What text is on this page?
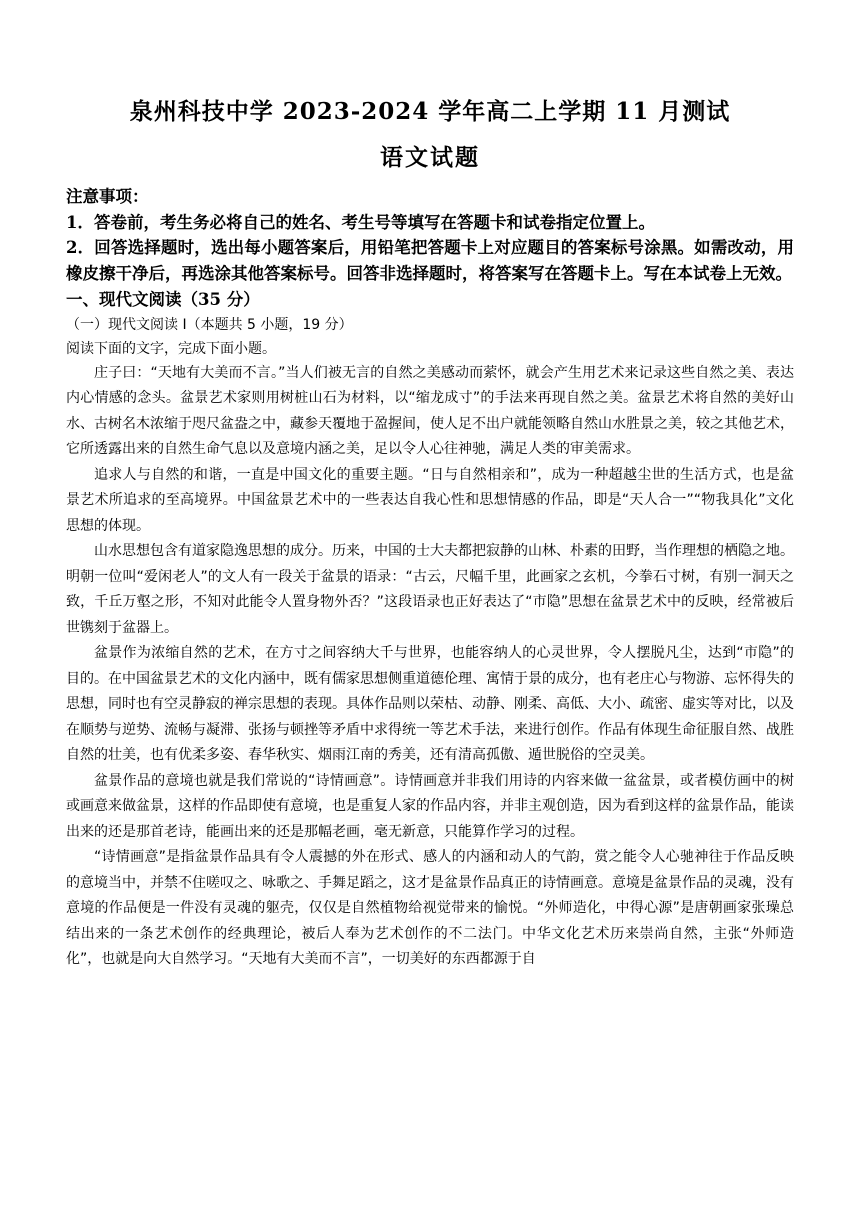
泉州科技中学 2023-2024 学年高二上学期 11 月测试
语文试题

注意事项：

1．答卷前，考生务必将自己的姓名、考生号等填写在答题卡和试卷指定位置上。

2．回答选择题时，选出每小题答案后，用铅笔把答题卡上对应题目的答案标号涂黑。如需改动，用橡皮擦干净后，再选涂其他答案标号。回答非选择题时，将答案写在答题卡上。写在本试卷上无效。

一、现代文阅读（35 分）

（一）现代文阅读 I（本题共 5 小题，19 分）

阅读下面的文字，完成下面小题。

庄子曰：“天地有大美而不言。”当人们被无言的自然之美感动而萦怀，就会产生用艺术来记录这些自然之美、表达内心情感的念头。盆景艺术家则用树桩山石为材料，以“缩龙成寸”的手法来再现自然之美。盆景艺术将自然的美好山水、古树名木浓缩于咫尺盆盎之中，藏参天覆地于盈握间，使人足不出户就能领略自然山水胜景之美，较之其他艺术，它所透露出来的自然生命气息以及意境内涵之美，足以令人心往神驰，满足人类的审美需求。

追求人与自然的和谐，一直是中国文化的重要主题。“日与自然相亲和”，成为一种超越尘世的生活方式，也是盆景艺术所追求的至高境界。中国盆景艺术中的一些表达自我心性和思想情感的作品，即是“天人合一”“物我具化”文化思想的体现。

山水思想包含有道家隐逸思想的成分。历来，中国的士大夫都把寂静的山林、朴素的田野，当作理想的栖隐之地。明朝一位叫“爱闲老人”的文人有一段关于盆景的语录：“古云，尺幅千里，此画家之玄机，今拳石寸树，有别一洞天之致，千丘万壑之形，不知对此能令人置身物外否？”这段语录也正好表达了“市隐”思想在盆景艺术中的反映，经常被后世镌刻于盆器上。

盆景作为浓缩自然的艺术，在方寸之间容纳大千与世界，也能容纳人的心灵世界，令人摆脱凡尘，达到“市隐”的目的。在中国盆景艺术的文化内涵中，既有儒家思想侧重道德伦理、寓情于景的成分，也有老庄心与物游、忘怀得失的思想，同时也有空灵静寂的禅宗思想的表现。具体作品则以荣枯、动静、刚柔、高低、大小、疏密、虚实等对比，以及在顺势与逆势、流畅与凝滞、张扬与顿挫等矛盾中求得统一等艺术手法，来进行创作。作品有体现生命征服自然、战胜自然的壮美，也有优柔多姿、春华秋实、烟雨江南的秀美，还有清高孤傲、遁世脱俗的空灵美。

盆景作品的意境也就是我们常说的“诗情画意”。诗情画意并非我们用诗的内容来做一盆盆景，或者模仿画中的树或画意来做盆景，这样的作品即使有意境，也是重复人家的作品内容，并非主观创造，因为看到这样的盆景作品，能读出来的还是那首老诗，能画出来的还是那幅老画，毫无新意，只能算作学习的过程。

“诗情画意”是指盆景作品具有令人震撼的外在形式、感人的内涵和动人的气韵，赏之能令人心驰神往于作品反映的意境当中，并禁不住嗟叹之、咏歌之、手舞足蹈之，这才是盆景作品真正的诗情画意。意境是盆景作品的灵魂，没有意境的作品便是一件没有灵魂的躯壳，仅仅是自然植物给视觉带来的愉悦。“外师造化，中得心源”是唐朝画家张璪总结出来的一条艺术创作的经典理论，被后人奉为艺术创作的不二法门。中华文化艺术历来崇尚自然，主张“外师造化”，也就是向大自然学习。“天地有大美而不言”，一切美好的东西都源于自
